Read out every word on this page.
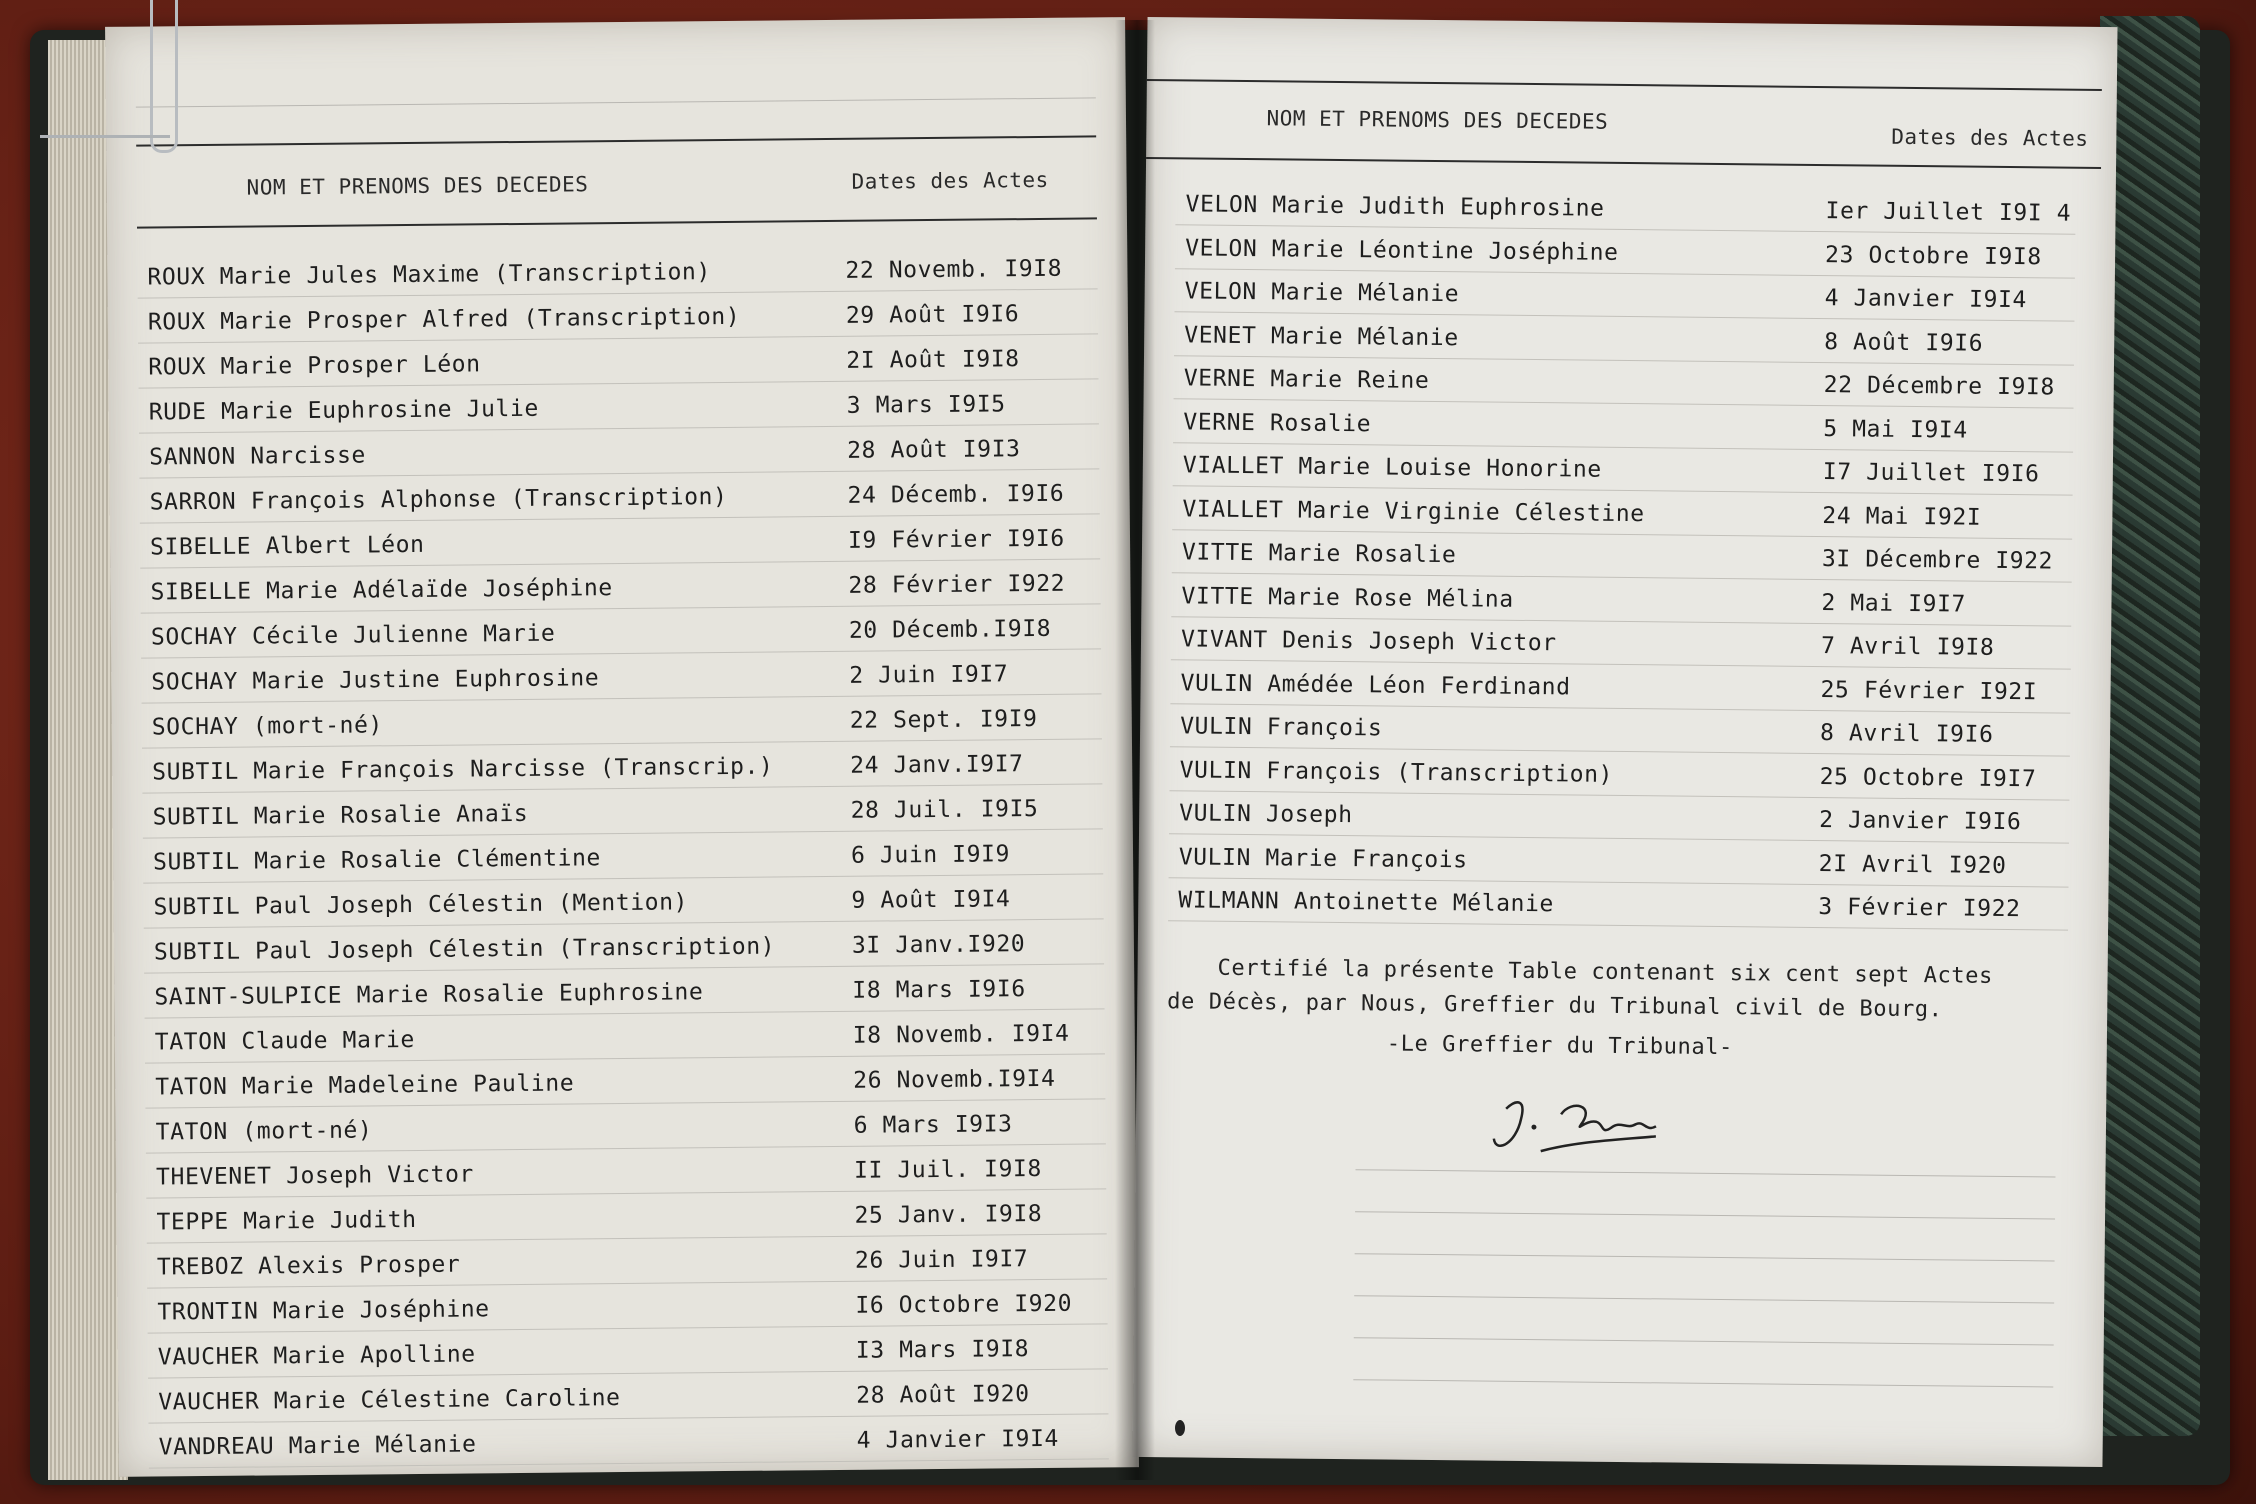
NOM ET PRENOMS DES DECEDES	Dates des Actes
ROUX Marie Jules Maxime (Transcription)	22 Novemb. I9I8
ROUX Marie Prosper Alfred (Transcription)	29 Août I9I6
ROUX Marie Prosper Léon	2I Août I9I8
RUDE Marie Euphrosine Julie	3 Mars I9I5
SANNON Narcisse	28 Août I9I3
SARRON François Alphonse (Transcription)	24 Décemb. I9I6
SIBELLE Albert Léon	I9 Février I9I6
SIBELLE Marie Adélaïde Joséphine	28 Février I922
SOCHAY Cécile Julienne Marie	20 Décemb.I9I8
SOCHAY Marie Justine Euphrosine	2 Juin I9I7
SOCHAY (mort-né)	22 Sept. I9I9
SUBTIL Marie François Narcisse (Transcrip.)	24 Janv.I9I7
SUBTIL Marie Rosalie Anaïs	28 Juil. I9I5
SUBTIL Marie Rosalie Clémentine	6 Juin I9I9
SUBTIL Paul Joseph Célestin (Mention)	9 Août I9I4
SUBTIL Paul Joseph Célestin (Transcription)	3I Janv.I920
SAINT-SULPICE Marie Rosalie Euphrosine	I8 Mars I9I6
TATON Claude Marie	I8 Novemb. I9I4
TATON Marie Madeleine Pauline	26 Novemb.I9I4
TATON (mort-né)	6 Mars I9I3
THEVENET Joseph Victor	II Juil. I9I8
TEPPE Marie Judith	25 Janv. I9I8
TREBOZ Alexis Prosper	26 Juin I9I7
TRONTIN Marie Joséphine	I6 Octobre I920
VAUCHER Marie Apolline	I3 Mars I9I8
VAUCHER Marie Célestine Caroline	28 Août I920
VANDREAU Marie Mélanie	4 Janvier I9I4
NOM ET PRENOMS DES DECEDES
Dates des Actes
VELON Marie Judith Euphrosine	Ier Juillet I9I 4
VELON Marie Léontine Joséphine	23 Octobre I9I8
VELON Marie Mélanie	4 Janvier I9I4
VENET Marie Mélanie	8 Août I9I6
VERNE Marie Reine	22 Décembre I9I8
VERNE Rosalie	5 Mai I9I4
VIALLET Marie Louise Honorine	I7 Juillet I9I6
VIALLET Marie Virginie Célestine	24 Mai I92I
VITTE Marie Rosalie	3I Décembre I922
VITTE Marie Rose Mélina	2 Mai I9I7
VIVANT Denis Joseph Victor	7 Avril I9I8
VULIN Amédée Léon Ferdinand	25 Février I92I
VULIN François	8 Avril I9I6
VULIN François (Transcription)	25 Octobre I9I7
VULIN Joseph	2 Janvier I9I6
VULIN Marie François	2I Avril I920
WILMANN Antoinette Mélanie	3 Février I922
Certifié la présente Table contenant six cent sept Actes
de Décès, par Nous, Greffier du Tribunal civil de Bourg.
-Le Greffier du Tribunal-
